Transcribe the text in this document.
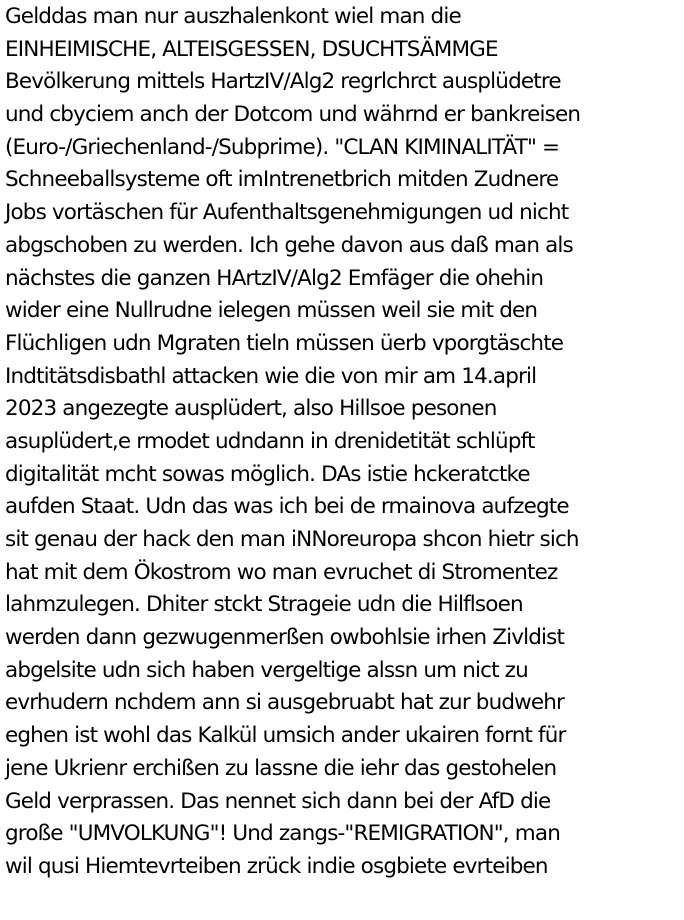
Gelddas man nur auszhalenkont wiel man die
EINHEIMISCHE, ALTEISGESSEN, DSUCHTSÄMMGE
Bevölkerung mittels HartzIV/Alg2 regrlchrct ausplüdetre
und cbyciem anch der Dotcom und währnd er bankreisen
(Euro-/Griechenland-/Subprime). "CLAN KIMINALITÄT" =
Schneeballsysteme oft imIntrenetbrich mitden Zudnere
Jobs vortäschen für Aufenthaltsgenehmigungen ud nicht
abgschoben zu werden. Ich gehe davon aus daß man als
nächstes die ganzen HArtzIV/Alg2 Emfäger die ohehin
wider eine Nullrudne ielegen müssen weil sie mit den
Flüchligen udn Mgraten tieln müssen üerb vporgtäschte
Indtitätsdisbathl attacken wie die von mir am 14.april
2023 angezegte ausplüdert, also Hillsoe pesonen
asuplüdert,e rmodet udndann in drenidetität schlüpft
digitalität mcht sowas möglich. DAs istie hckeratctke
aufden Staat. Udn das was ich bei de rmainova aufzegte
sit genau der hack den man iNNoreuropa shcon hietr sich
hat mit dem Ökostrom wo man evruchet di Stromentez
lahmzulegen. Dhiter stckt Strageie udn die Hilflsoen
werden dann gezwugenmerßen owbohlsie irhen Zivldist
abgelsite udn sich haben vergeltige alssn um nict zu
evrhudern nchdem ann si ausgebruabt hat zur budwehr
eghen ist wohl das Kalkül umsich ander ukairen fornt für
jene Ukrienr erchißen zu lassne die iehr das gestohelen
Geld verprassen. Das nennet sich dann bei der AfD die
große "UMVOLKUNG"! Und zangs-"REMIGRATION", man
wil qusi Hiemtevrteiben zrück indie osgbiete evrteiben
